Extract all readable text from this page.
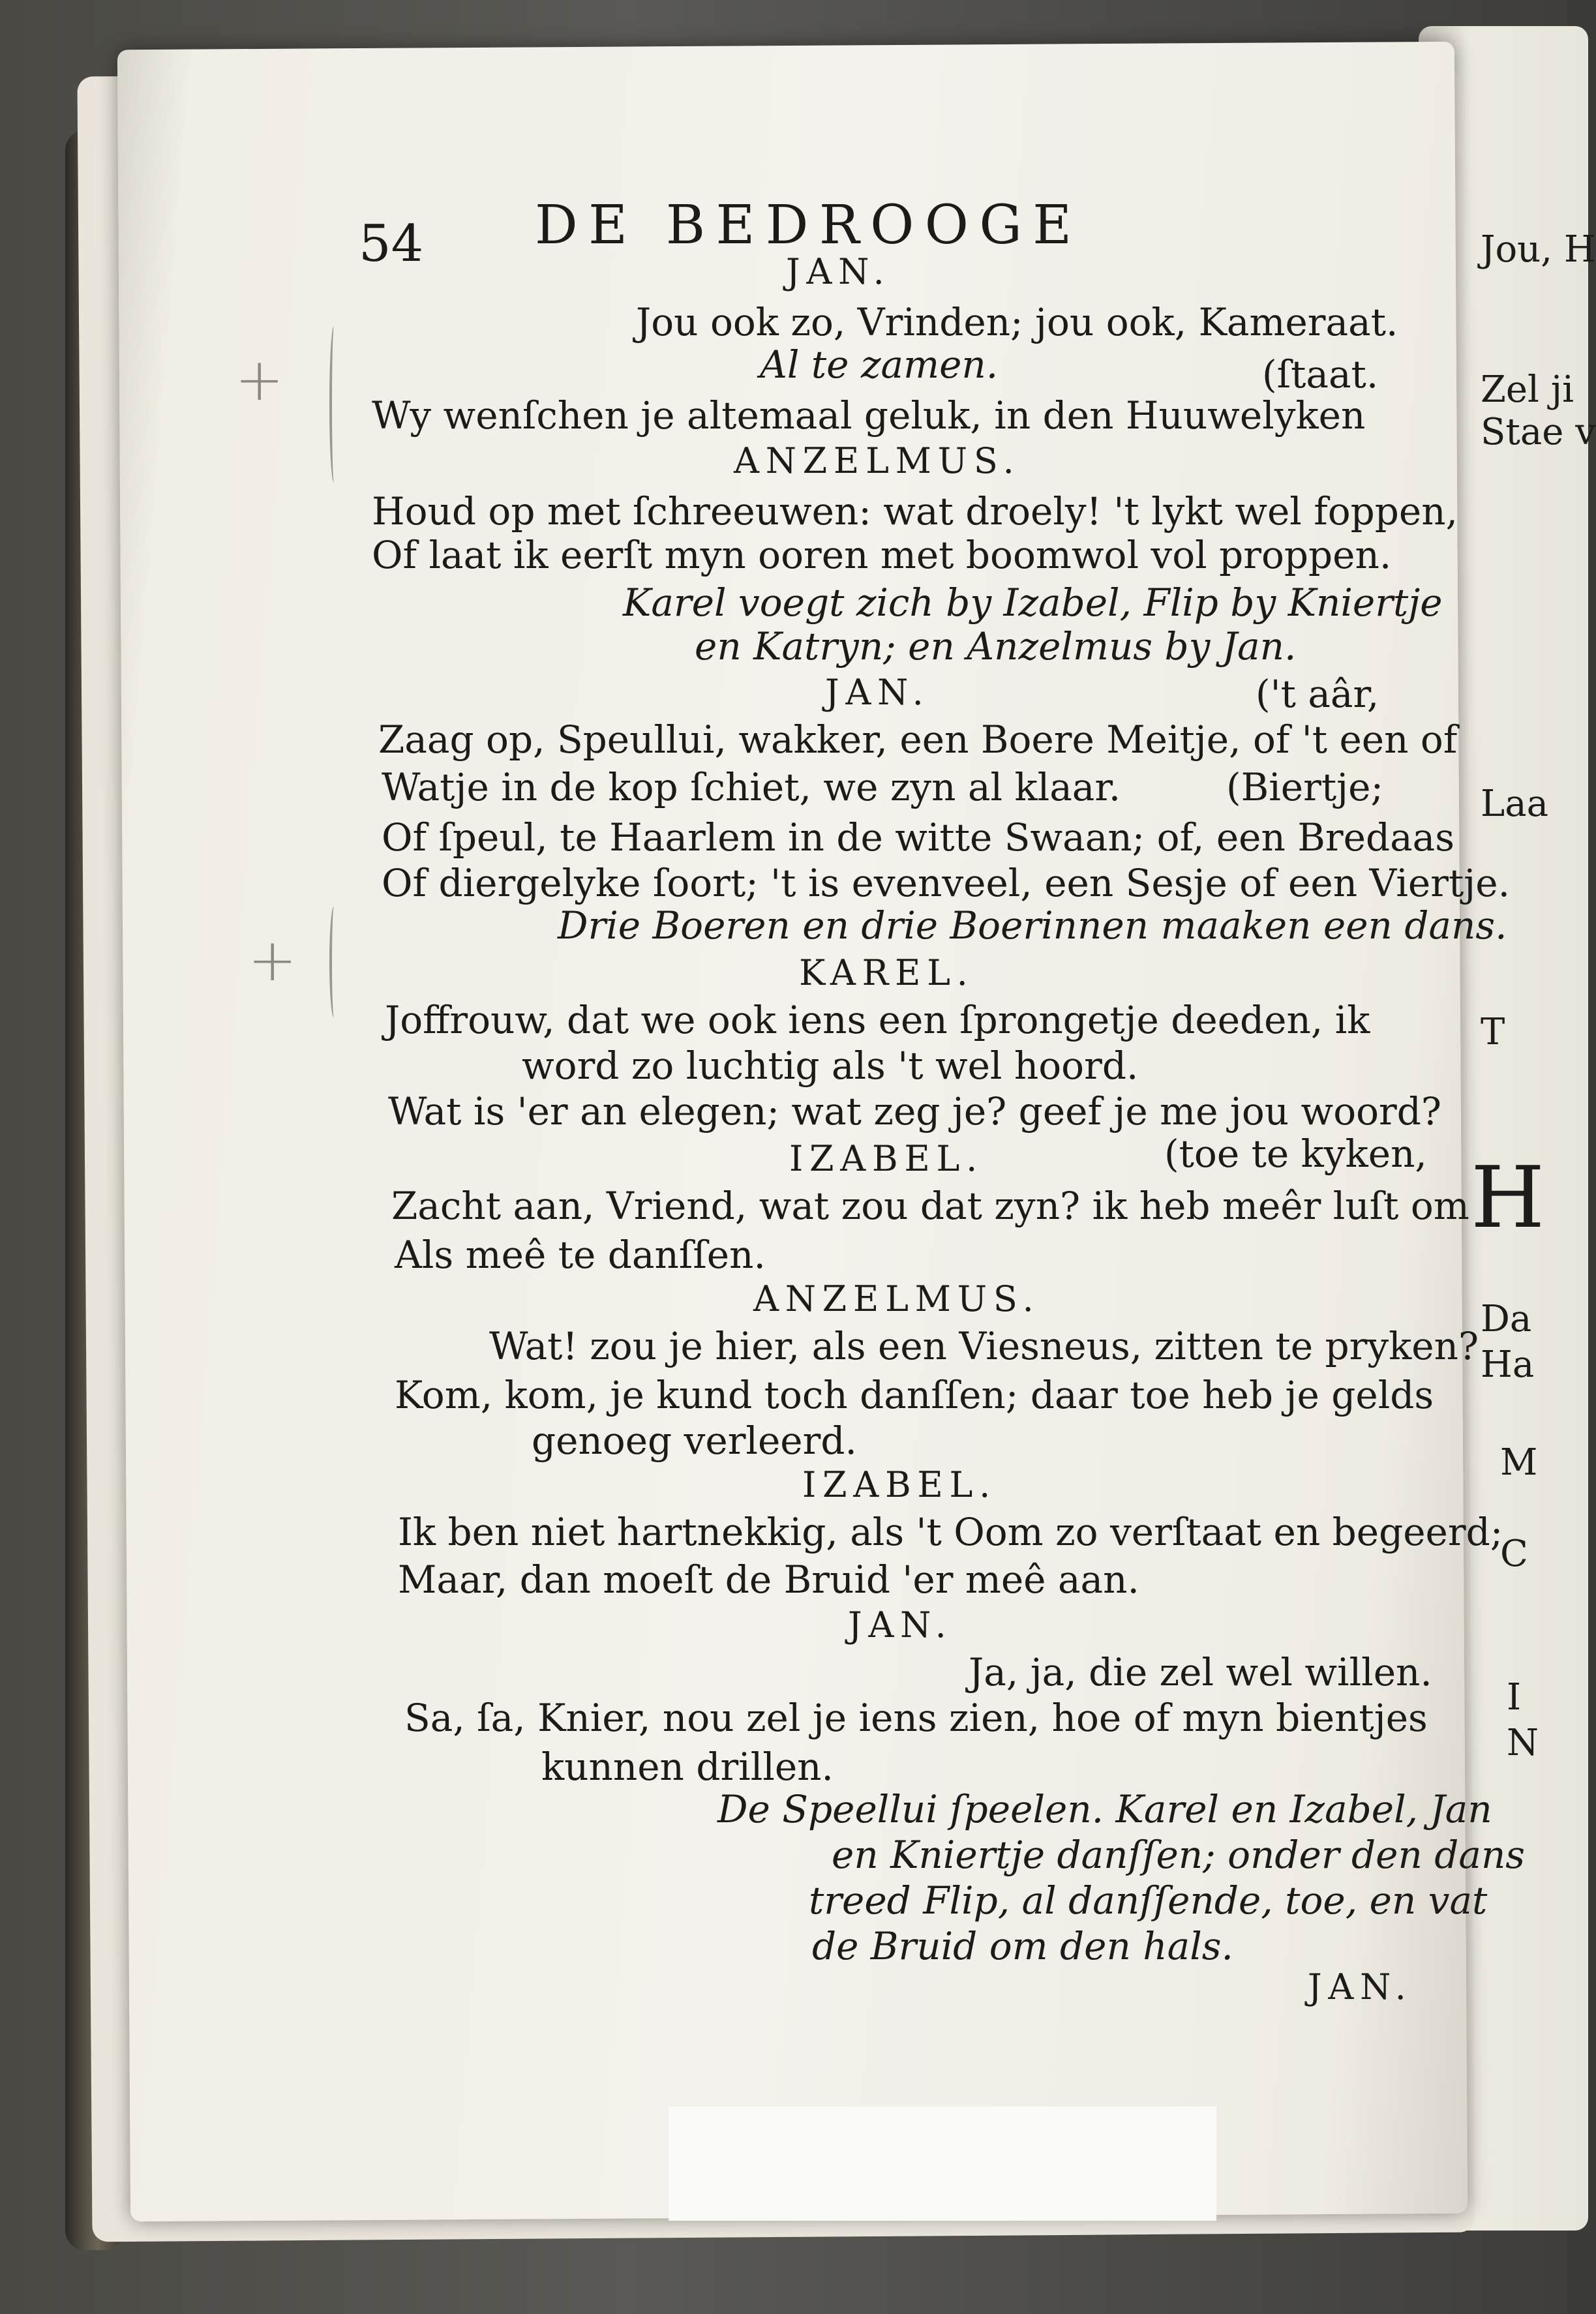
Jou, H
Zel ji
Stae v
Laa
T
H
Da
Ha
M
C
I
N
+
+
54 DE BEDROOGE
JAN.
Jou ook zo, Vrinden; jou ook, Kameraat.
Al te zamen.	(ſtaat.
Wy wenſchen je altemaal geluk, in den Huuwelyken
ANZELMUS.
Houd op met ſchreeuwen: wat droely! 't lykt wel foppen,
Of laat ik eerſt myn ooren met boomwol vol proppen.
Karel voegt zich by Izabel, Flip by Kniertje
en Katryn; en Anzelmus by Jan.
JAN.	('t aâr,
Zaag op, Speullui, wakker, een Boere Meitje, of 't een of
Watje in de kop ſchiet, we zyn al klaar.	(Biertje;
Of ſpeul, te Haarlem in de witte Swaan; of, een Bredaas
Of diergelyke ſoort; 't is evenveel, een Sesje of een Viertje.
Drie Boeren en drie Boerinnen maaken een dans.
KAREL.
Joffrouw, dat we ook iens een ſprongetje deeden, ik
word zo luchtig als 't wel hoord.
Wat is 'er an elegen; wat zeg je? geef je me jou woord?
IZABEL.	(toe te kyken,
Zacht aan, Vriend, wat zou dat zyn? ik heb meêr luſt om
Als meê te danſſen.
ANZELMUS.
Wat! zou je hier, als een Viesneus, zitten te pryken?
Kom, kom, je kund toch danſſen; daar toe heb je gelds
genoeg verleerd.
IZABEL.
Ik ben niet hartnekkig, als 't Oom zo verſtaat en begeerd;
Maar, dan moeſt de Bruid 'er meê aan.
JAN.
Ja, ja, die zel wel willen.
Sa, ſa, Knier, nou zel je iens zien, hoe of myn bientjes
kunnen drillen.
De Speellui ſpeelen. Karel en Izabel, Jan
en Kniertje danſſen; onder den dans
treed Flip, al danſſende, toe, en vat
de Bruid om den hals.
JAN.
